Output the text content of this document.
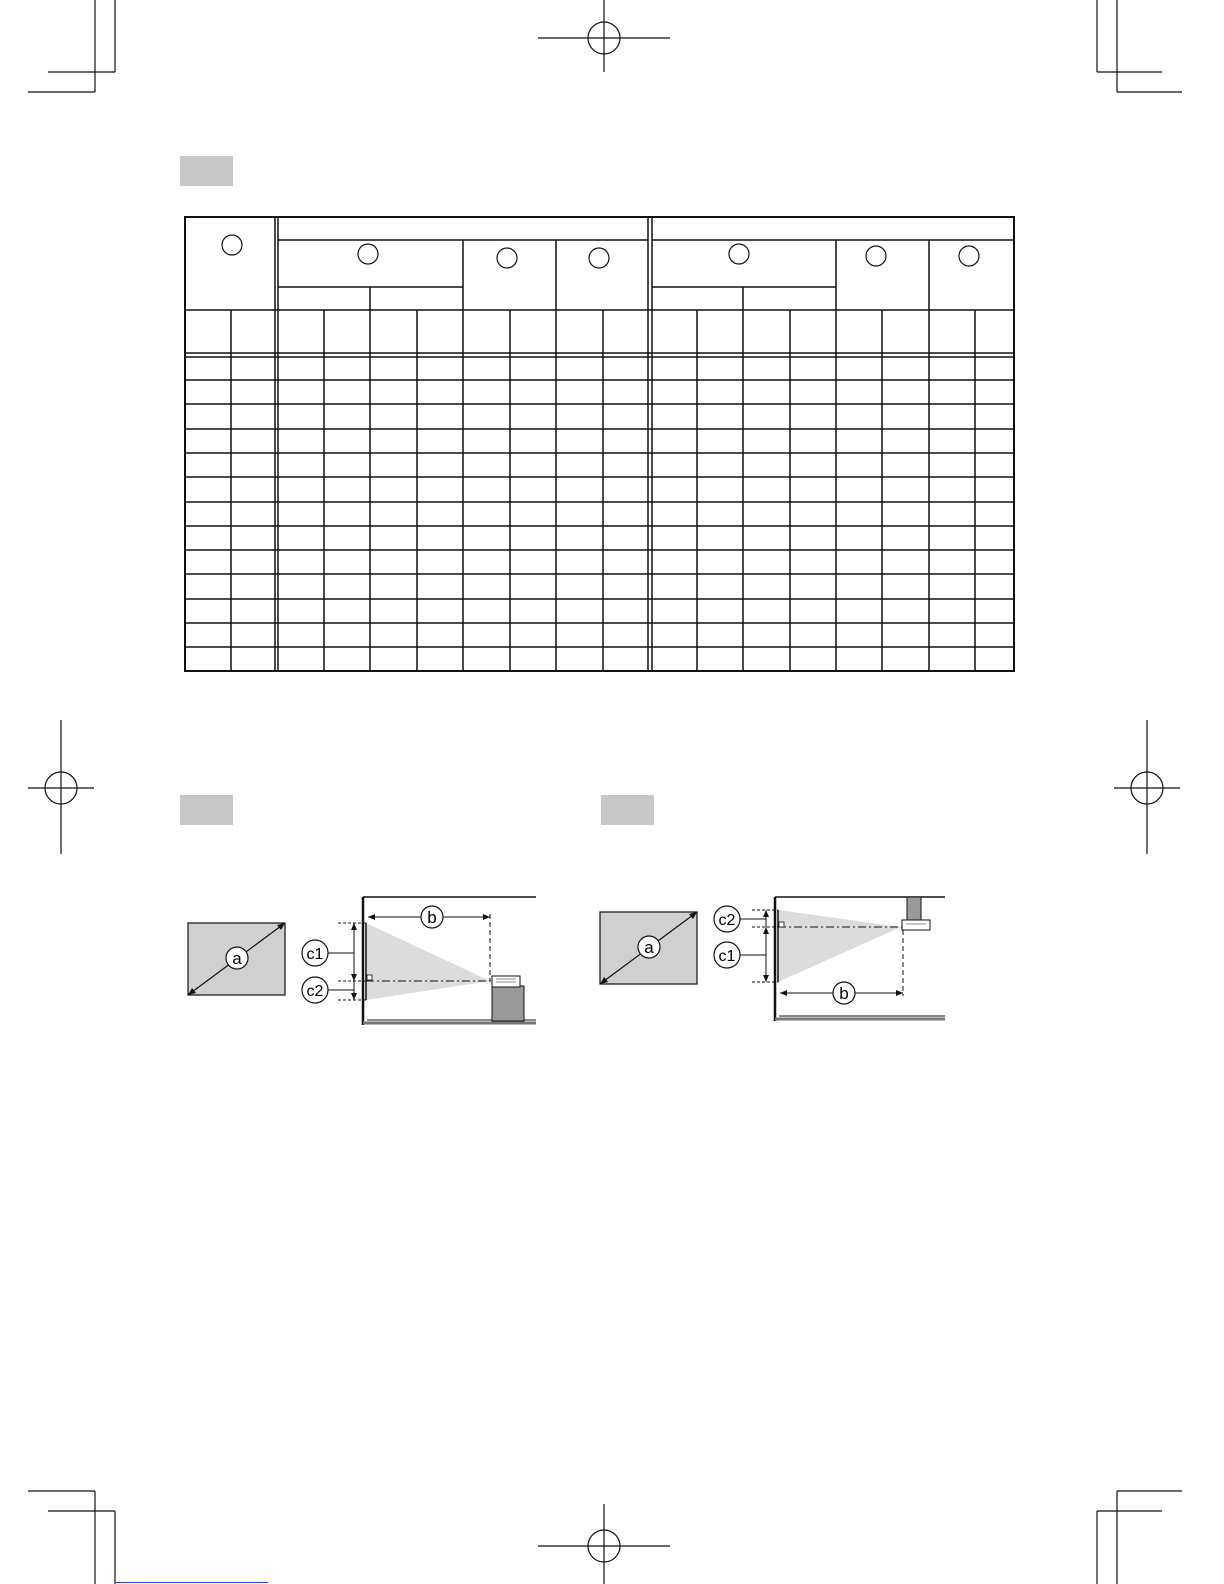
a
b
c1
c2
a
b
c2
c1
